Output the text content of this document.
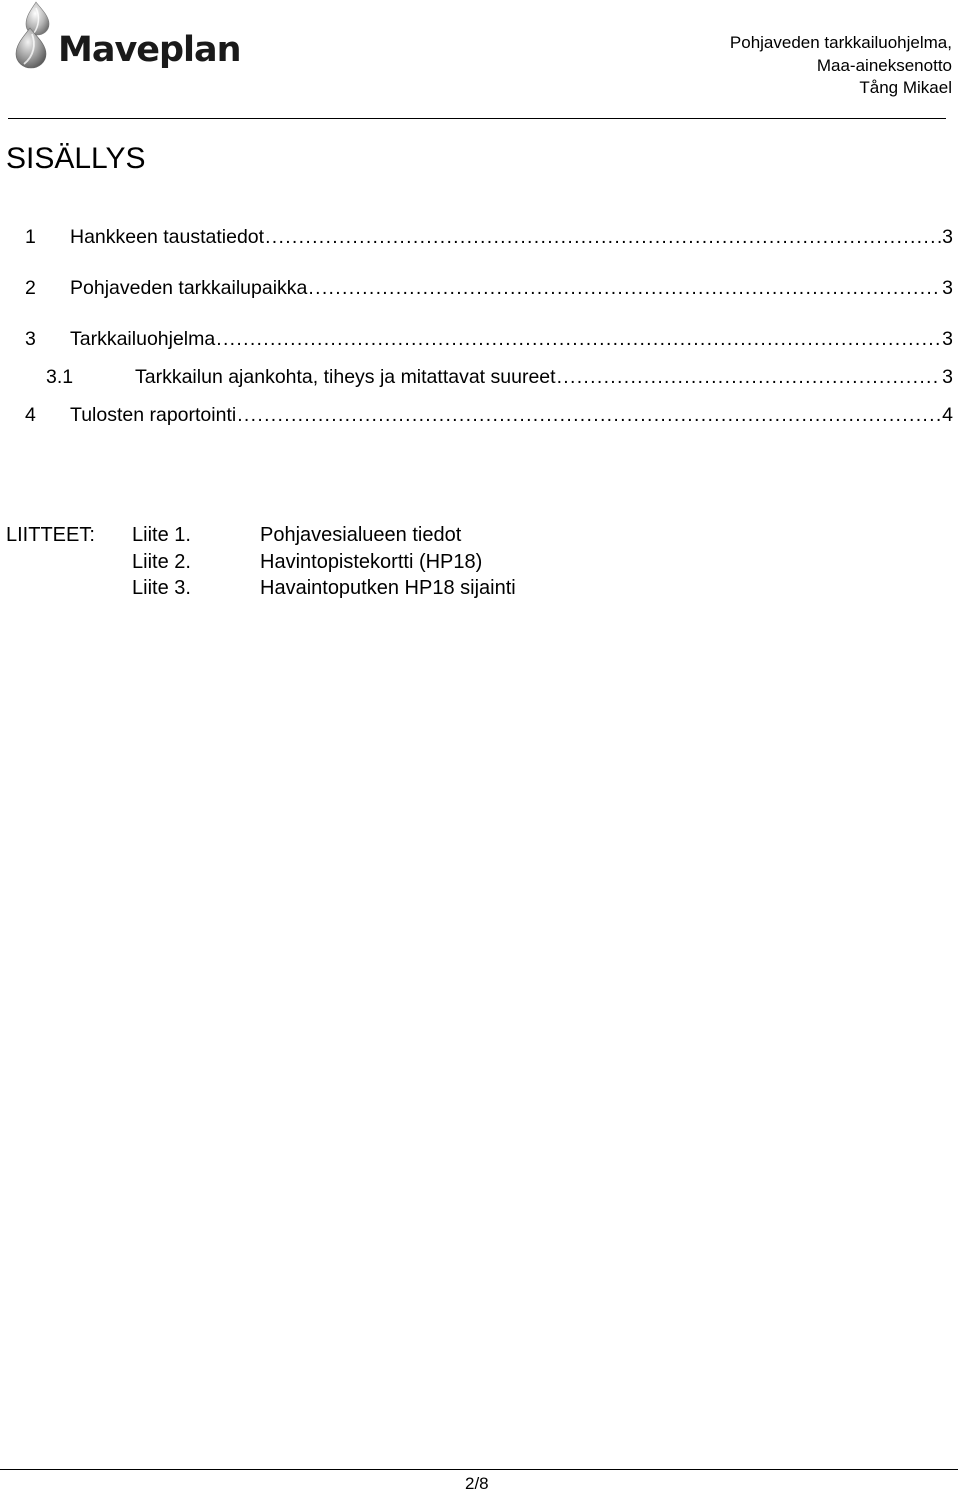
Maveplan	Pohjaveden tarkkailuohjelma,
Maa-aineksenotto
Tång Mikael
SISÄLLYS
1	Hankkeen taustatiedot .....	3
2	Pohjaveden tarkkailupaikka .....	3
3	Tarkkailuohjelma .....	3
3.1	Tarkkailun ajankohta, tiheys ja mitattavat suureet .....	3
4	Tulosten raportointi .....	4
LIITTEET: Liite 1.	Pohjavesialueen tiedot
Liite 2.	Havintopistekortti (HP18)
Liite 3.	Havaintoputken HP18 sijainti
2/8
